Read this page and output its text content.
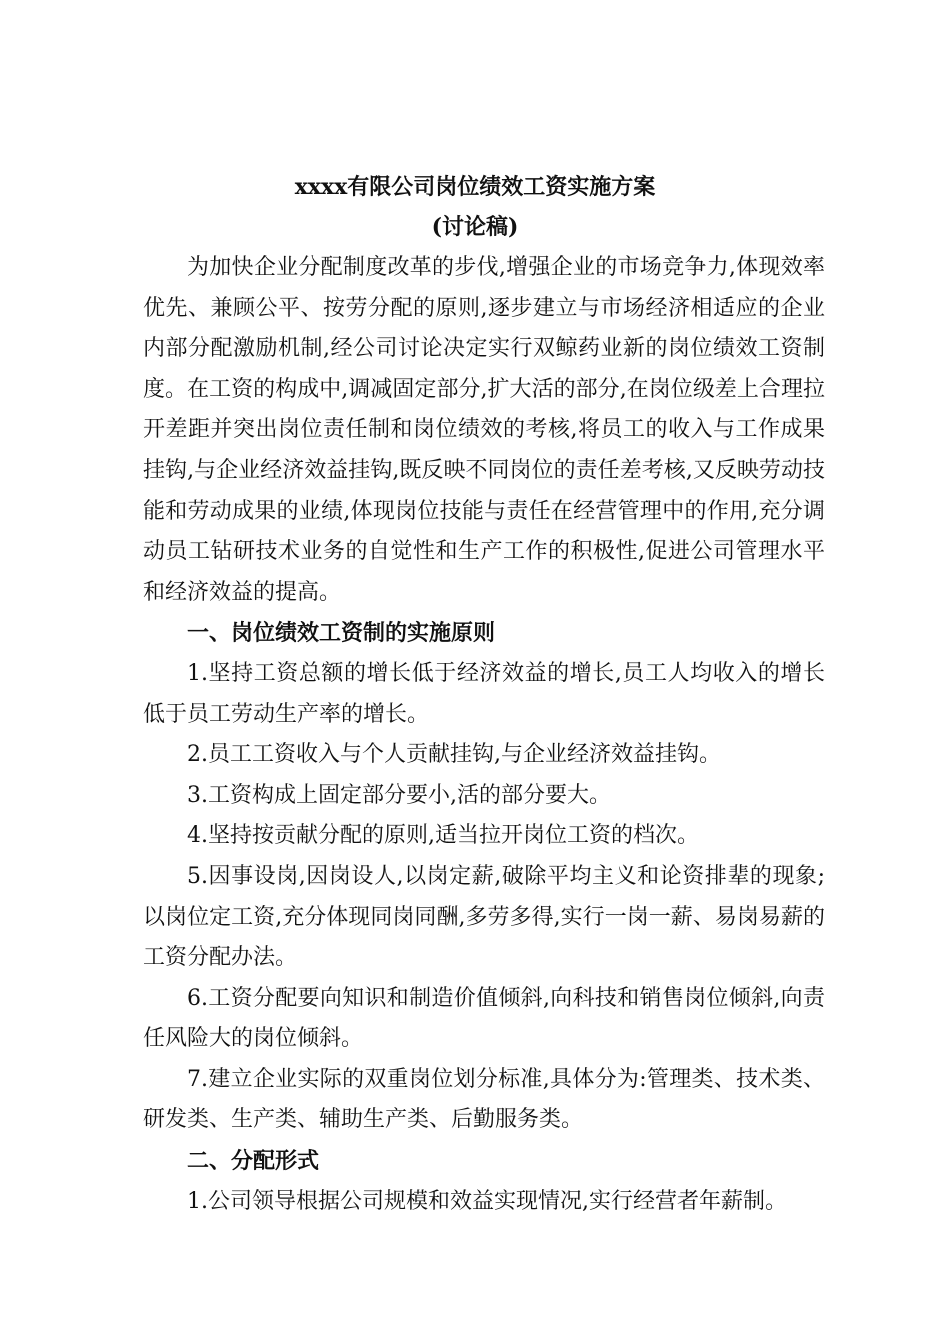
xxxx有限公司岗位绩效工资实施方案
(讨论稿)

为加快企业分配制度改革的步伐,增强企业的市场竞争力,体现效率优先、兼顾公平、按劳分配的原则,逐步建立与市场经济相适应的企业内部分配激励机制,经公司讨论决定实行双鲸药业新的岗位绩效工资制度。在工资的构成中,调减固定部分,扩大活的部分,在岗位级差上合理拉开差距并突出岗位责任制和岗位绩效的考核,将员工的收入与工作成果挂钩,与企业经济效益挂钩,既反映不同岗位的责任差考核,又反映劳动技能和劳动成果的业绩,体现岗位技能与责任在经营管理中的作用,充分调动员工钻研技术业务的自觉性和生产工作的积极性,促进公司管理水平和经济效益的提高。

一、岗位绩效工资制的实施原则

1.坚持工资总额的增长低于经济效益的增长,员工人均收入的增长低于员工劳动生产率的增长。

2.员工工资收入与个人贡献挂钩,与企业经济效益挂钩。

3.工资构成上固定部分要小,活的部分要大。

4.坚持按贡献分配的原则,适当拉开岗位工资的档次。

5.因事设岗,因岗设人,以岗定薪,破除平均主义和论资排辈的现象;以岗位定工资,充分体现同岗同酬,多劳多得,实行一岗一薪、易岗易薪的工资分配办法。

6.工资分配要向知识和制造价值倾斜,向科技和销售岗位倾斜,向责任风险大的岗位倾斜。

7.建立企业实际的双重岗位划分标准,具体分为:管理类、技术类、研发类、生产类、辅助生产类、后勤服务类。

二、分配形式

1.公司领导根据公司规模和效益实现情况,实行经营者年薪制。
